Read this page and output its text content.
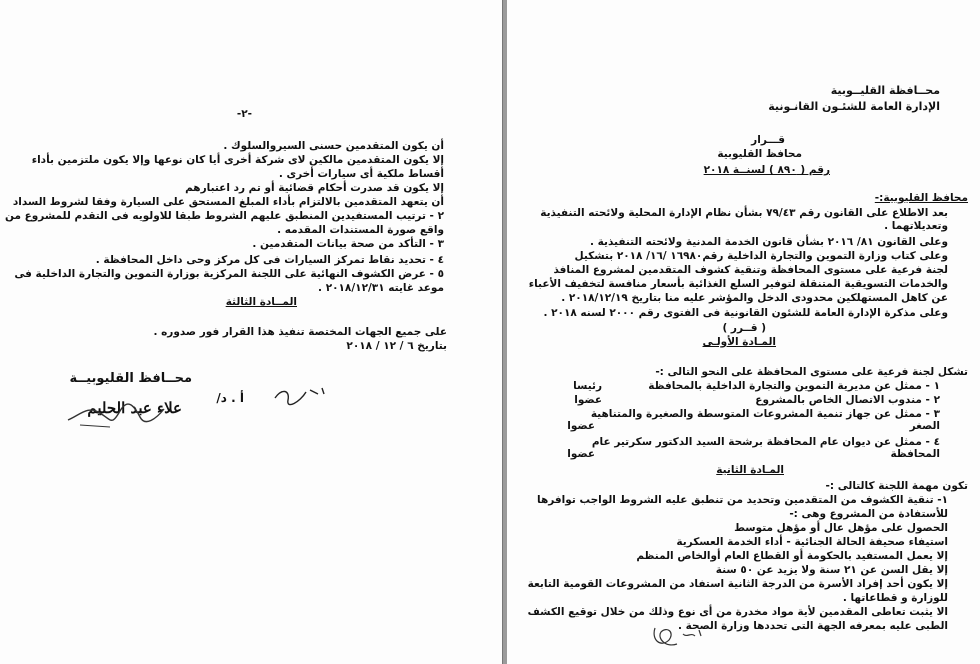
-٢-
أن يكون المتقدمين حسنى السيروالسلوك .
إلا يكون المتقدمين مالكين لاى شركة أخرى أيا كان نوعها وإلا يكون ملتزمين بأداء
أقساط ملكية أى سيارات أخرى .
إلا يكون قد صدرت أحكام قضائية أو تم رد اعتبارهم
أن يتعهد المتقدمين بالالتزام بأداء المبلغ المستحق على السيارة وفقا لشروط السداد
٢ - ترتيب المستفيدين المنطبق عليهم الشروط طبقا للاولويه فى التقدم للمشروع من
واقع صورة المستندات المقدمه .
٣ - التأكد من صحة بيانات المتقدمين .
٤ - تحديد نقاط تمركز السيارات فى كل مركز وحى داخل المحافظة .
٥ - عرض الكشوف النهائية على اللجنة المركزية بوزارة التموين والتجارة الداخلية فى
موعد غايته ٢٠١٨/١٢/٣١ .
المــادة الثالثة
على جميع الجهات المختصة تنفيذ هذا القرار فور صدوره .
بتاريخ ٦ / ١٢ / ٢٠١٨
محــافظ القليوبيــة
أ . د/
علاء عبد الحليم
محــافظة القليــوبية
الإدارة العامة للشئـون القانـونية
قـــرار
محافظ القليوبية
رقم ( ٨٩٠ ) لسنــة ٢٠١٨
محافظ القليوبية:-
بعد الاطلاع على القانون رقم ٧٩/٤٣ بشأن نظام الإدارة المحلية ولائحته التنفيذية
وتعديلاتهما .
وعلى القانون ٨١/ ٢٠١٦ بشأن قانون الخدمة المدنية ولائحته التنفيذية .
وعلى كتاب وزارة التموين والتجارة الداخلية رقم١٦٩٨٠ /١٦/ ٢٠١٨ بتشكيل
لجنة فرعية على مستوى المحافظة وتنقية كشوف المتقدمين لمشروع المنافذ
والخدمات التسويقية المتنقلة لتوفير السلع الغذائية بأسعار منافسة لتخفيف الأعباء
عن كاهل المستهلكين محدودى الدخل والمؤشر عليه منا بتاريخ ٢٠١٨/١٢/١٩ .
وعلى مذكرة الإدارة العامة للشئون القانونية فى الفتوى رقم ٢٠٠٠ لسنه ٢٠١٨ .
( قــرر )
المـادة الأولـى
تشكل لجنة فرعية على مستوى المحافظة على النحو التالى :-
١ - ممثل عن مديرية التموين والتجارة الداخلية بالمحافظة
رئيسا
٢ - مندوب الاتصال الخاص بالمشروع
عضوا
٣ - ممثل عن جهاز تنمية المشروعات المتوسطة والصغيرة والمتناهية
الصغر
عضوا
٤ - ممثل عن ديوان عام المحافظة برشحة السيد الدكتور سكرتير عام
المحافظة
عضوا
المـادة الثانية
تكون مهمة اللجنة كالتالى :-
١- تنقية الكشوف من المتقدمين وتحديد من تنطبق عليه الشروط الواجب توافرها
للأستفادة من المشروع وهى :-
الحصول على مؤهل عال أو مؤهل متوسط
استيفاء صحيفة الحالة الجنائية - أداء الخدمة العسكرية
إلا يعمل المستفيد بالحكومة أو القطاع العام أوالخاص المنظم
إلا يقل السن عن ٢١ سنة ولا يزيد عن ٥٠ سنة
إلا يكون أحد إفراد الأسرة من الدرجة الثانية استفاد من المشروعات القومية التابعة
للوزارة و قطاعاتها .
الا يثبت تعاطى المقدمين لأية مواد مخدرة من أى نوع وذلك من خلال توقيع الكشف
الطبى عليه بمعرفه الجهة التى تحددها وزارة الصحة .
